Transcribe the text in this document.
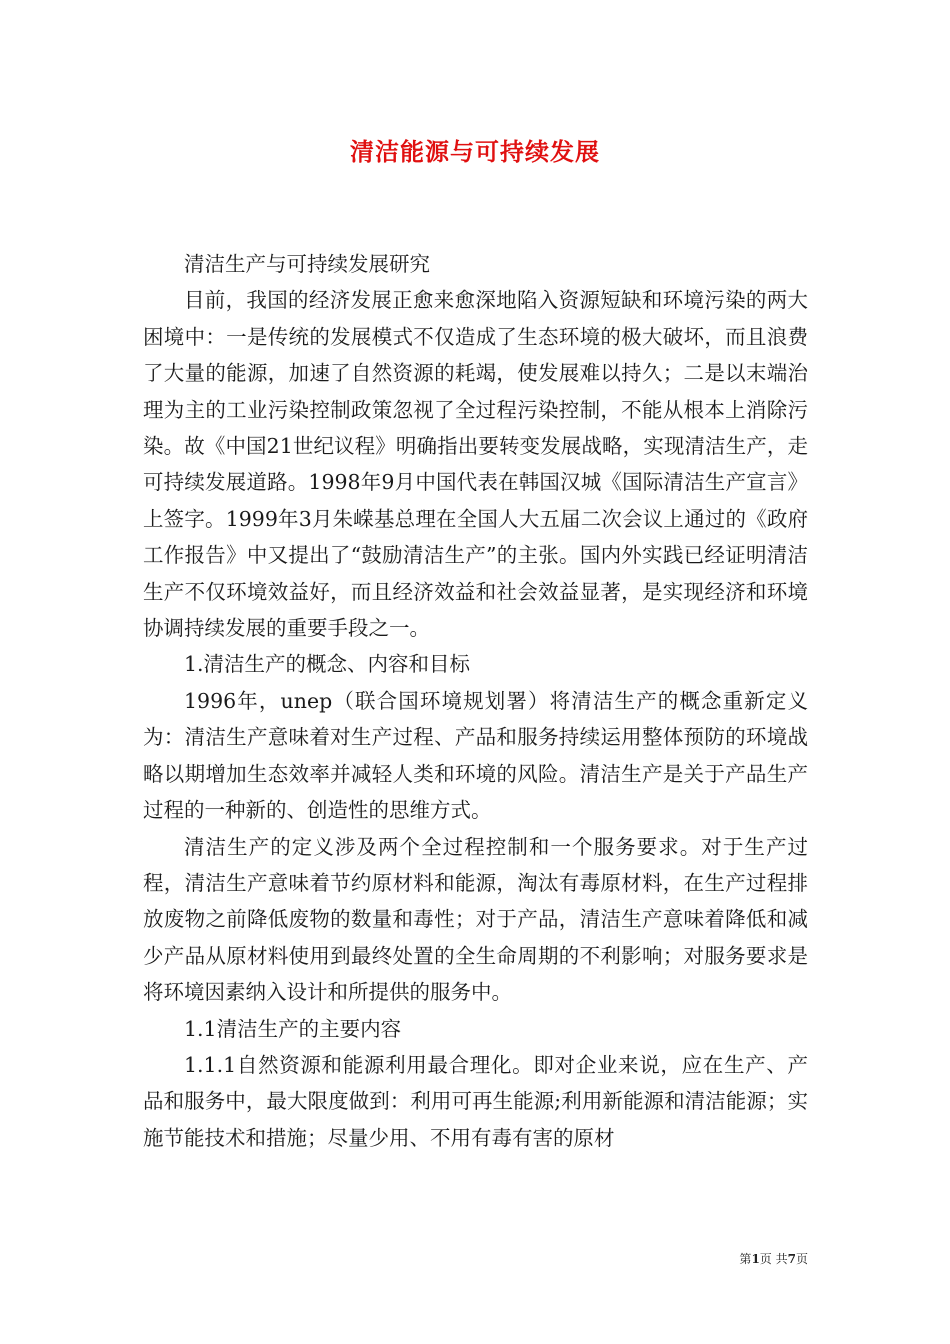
清洁能源与可持续发展

清洁生产与可持续发展研究

目前，我国的经济发展正愈来愈深地陷入资源短缺和环境污染的两大困境中：一是传统的发展模式不仅造成了生态环境的极大破坏，而且浪费了大量的能源，加速了自然资源的耗竭，使发展难以持久；二是以末端治理为主的工业污染控制政策忽视了全过程污染控制，不能从根本上消除污染。故《中国21世纪议程》明确指出要转变发展战略，实现清洁生产，走可持续发展道路。1998年9月中国代表在韩国汉城《国际清洁生产宣言》上签字。1999年3月朱嵘基总理在全国人大五届二次会议上通过的《政府工作报告》中又提出了“鼓励清洁生产”的主张。国内外实践已经证明清洁生产不仅环境效益好，而且经济效益和社会效益显著，是实现经济和环境协调持续发展的重要手段之一。

1.清洁生产的概念、内容和目标

1996年，unep（联合国环境规划署）将清洁生产的概念重新定义为：清洁生产意味着对生产过程、产品和服务持续运用整体预防的环境战略以期增加生态效率并减轻人类和环境的风险。清洁生产是关于产品生产过程的一种新的、创造性的思维方式。

清洁生产的定义涉及两个全过程控制和一个服务要求。对于生产过程，清洁生产意味着节约原材料和能源，淘汰有毒原材料，在生产过程排放废物之前降低废物的数量和毒性；对于产品，清洁生产意味着降低和减少产品从原材料使用到最终处置的全生命周期的不利影响；对服务要求是将环境因素纳入设计和所提供的服务中。

1.1清洁生产的主要内容

1.1.1自然资源和能源利用最合理化。即对企业来说，应在生产、产品和服务中，最大限度做到：利用可再生能源;利用新能源和清洁能源；实施节能技术和措施；尽量少用、不用有毒有害的原材

第1页 共7页
